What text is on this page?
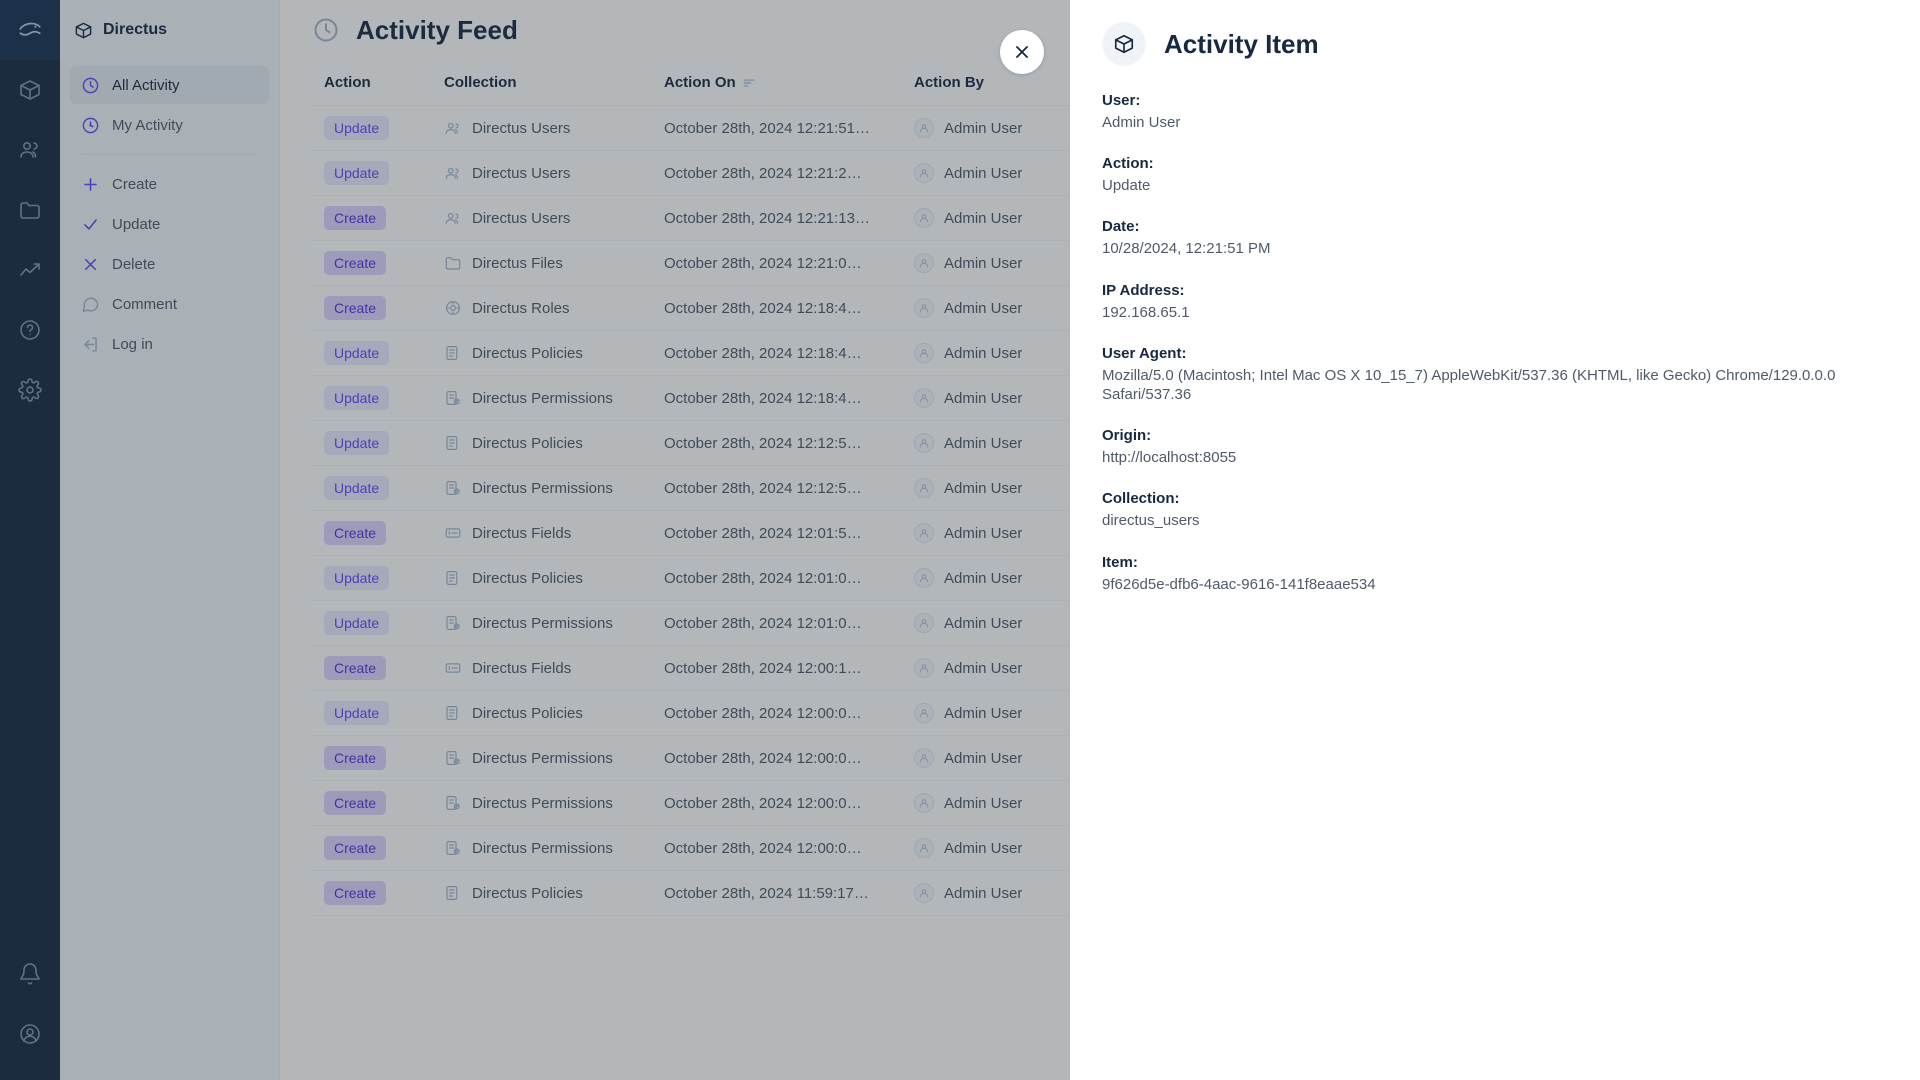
Directus
All Activity
My Activity
Create
Update
Delete
Comment
Log in
Activity Feed
Action	Collection	Action On	Action By	
Update	Directus Users	October 28th, 2024 12:21:51…	Admin User	

Update	Directus Users	October 28th, 2024 12:21:2…	Admin User	

Create	Directus Users	October 28th, 2024 12:21:13…	Admin User	

Create	Directus Files	October 28th, 2024 12:21:0…	Admin User	

Create	Directus Roles	October 28th, 2024 12:18:4…	Admin User	

Update	Directus Policies	October 28th, 2024 12:18:4…	Admin User	

Update	Directus Permissions	October 28th, 2024 12:18:4…	Admin User	

Update	Directus Policies	October 28th, 2024 12:12:5…	Admin User	

Update	Directus Permissions	October 28th, 2024 12:12:5…	Admin User	

Create	Directus Fields	October 28th, 2024 12:01:5…	Admin User	

Update	Directus Policies	October 28th, 2024 12:01:0…	Admin User	

Update	Directus Permissions	October 28th, 2024 12:01:0…	Admin User	

Create	Directus Fields	October 28th, 2024 12:00:1…	Admin User	

Update	Directus Policies	October 28th, 2024 12:00:0…	Admin User	

Create	Directus Permissions	October 28th, 2024 12:00:0…	Admin User	

Create	Directus Permissions	October 28th, 2024 12:00:0…	Admin User	

Create	Directus Permissions	October 28th, 2024 12:00:0…	Admin User	

Create	Directus Policies	October 28th, 2024 11:59:17…	Admin User	

Activity Item
User:
Admin User
Action:
Update
Date:
10/28/2024, 12:21:51 PM
IP Address:
192.168.65.1
User Agent:
Mozilla/5.0 (Macintosh; Intel Mac OS X 10_15_7) AppleWebKit/537.36 (KHTML, like Gecko) Chrome/129.0.0.0 Safari/537.36
Origin:
http://localhost:8055
Collection:
directus_users
Item:
9f626d5e-dfb6-4aac-9616-141f8eaae534
